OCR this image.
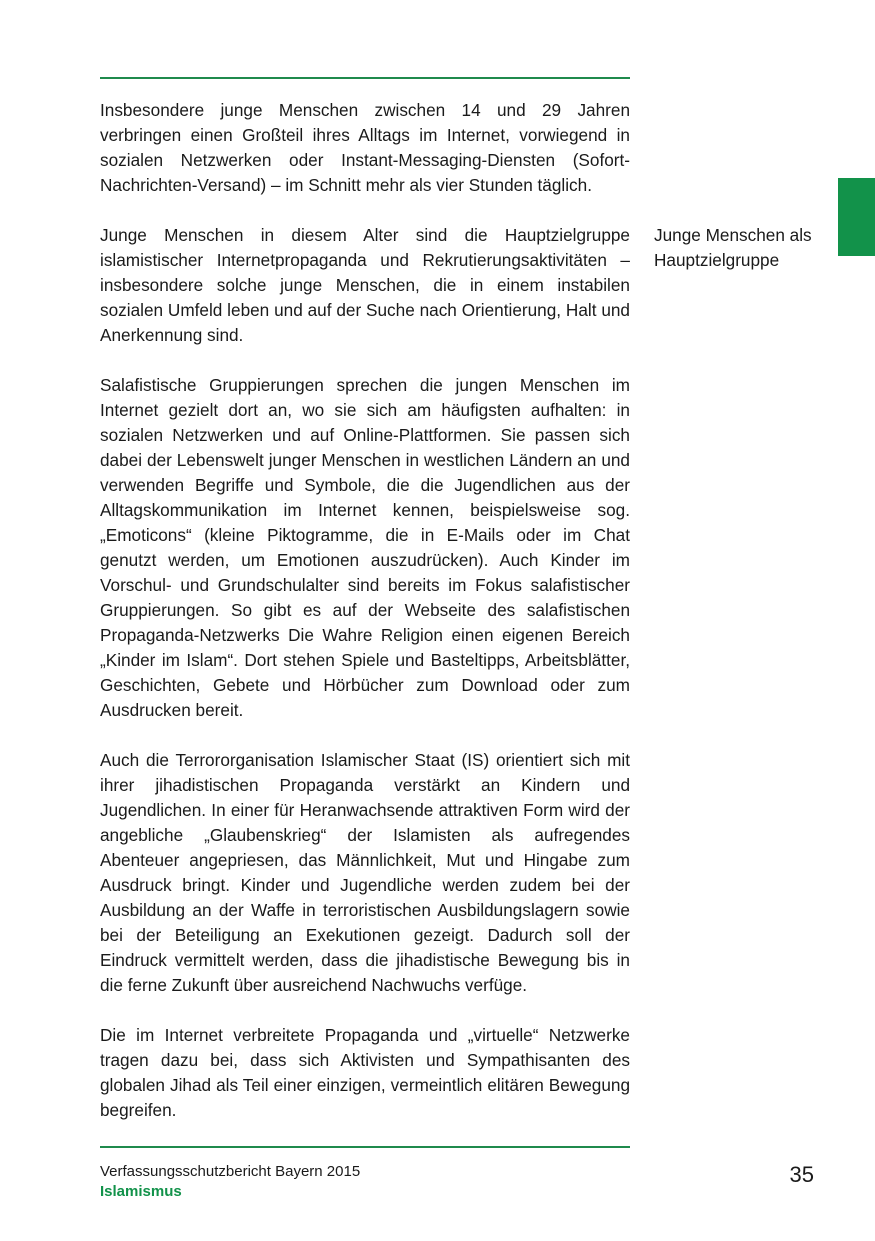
Insbesondere junge Menschen zwischen 14 und 29 Jahren verbringen einen Großteil ihres Alltags im Internet, vorwiegend in sozialen Netzwerken oder Instant-Messaging-Diensten (Sofort-Nachrichten-Versand) – im Schnitt mehr als vier Stunden täglich.

Junge Menschen in diesem Alter sind die Hauptzielgruppe islamistischer Internetpropaganda und Rekrutierungsaktivitäten – insbesondere solche junge Menschen, die in einem instabilen sozialen Umfeld leben und auf der Suche nach Orientierung, Halt und Anerkennung sind.

Salafistische Gruppierungen sprechen die jungen Menschen im Internet gezielt dort an, wo sie sich am häufigsten aufhalten: in sozialen Netzwerken und auf Online-Plattformen. Sie passen sich dabei der Lebenswelt junger Menschen in westlichen Ländern an und verwenden Begriffe und Symbole, die die Jugendlichen aus der Alltagskommunikation im Internet kennen, beispielsweise sog. „Emoticons“ (kleine Piktogramme, die in E-Mails oder im Chat genutzt werden, um Emotionen auszudrücken). Auch Kinder im Vorschul- und Grundschulalter sind bereits im Fokus salafistischer Gruppierungen. So gibt es auf der Webseite des salafistischen Propaganda-Netzwerks Die Wahre Religion einen eigenen Bereich „Kinder im Islam“. Dort stehen Spiele und Basteltipps, Arbeitsblätter, Geschichten, Gebete und Hörbücher zum Download oder zum Ausdrucken bereit.

Auch die Terrororganisation Islamischer Staat (IS) orientiert sich mit ihrer jihadistischen Propaganda verstärkt an Kindern und Jugendlichen. In einer für Heranwachsende attraktiven Form wird der angebliche „Glaubenskrieg“ der Islamisten als aufregendes Abenteuer angepriesen, das Männlichkeit, Mut und Hingabe zum Ausdruck bringt. Kinder und Jugendliche werden zudem bei der Ausbildung an der Waffe in terroristischen Ausbildungslagern sowie bei der Beteiligung an Exekutionen gezeigt. Dadurch soll der Eindruck vermittelt werden, dass die jihadistische Bewegung bis in die ferne Zukunft über ausreichend Nachwuchs verfüge.

Die im Internet verbreitete Propaganda und „virtuelle“ Netzwerke tragen dazu bei, dass sich Aktivisten und Sympathisanten des globalen Jihad als Teil einer einzigen, vermeintlich elitären Bewegung begreifen.

Junge Menschen als Hauptzielgruppe
Verfassungsschutzbericht Bayern 2015
Islamismus
35
